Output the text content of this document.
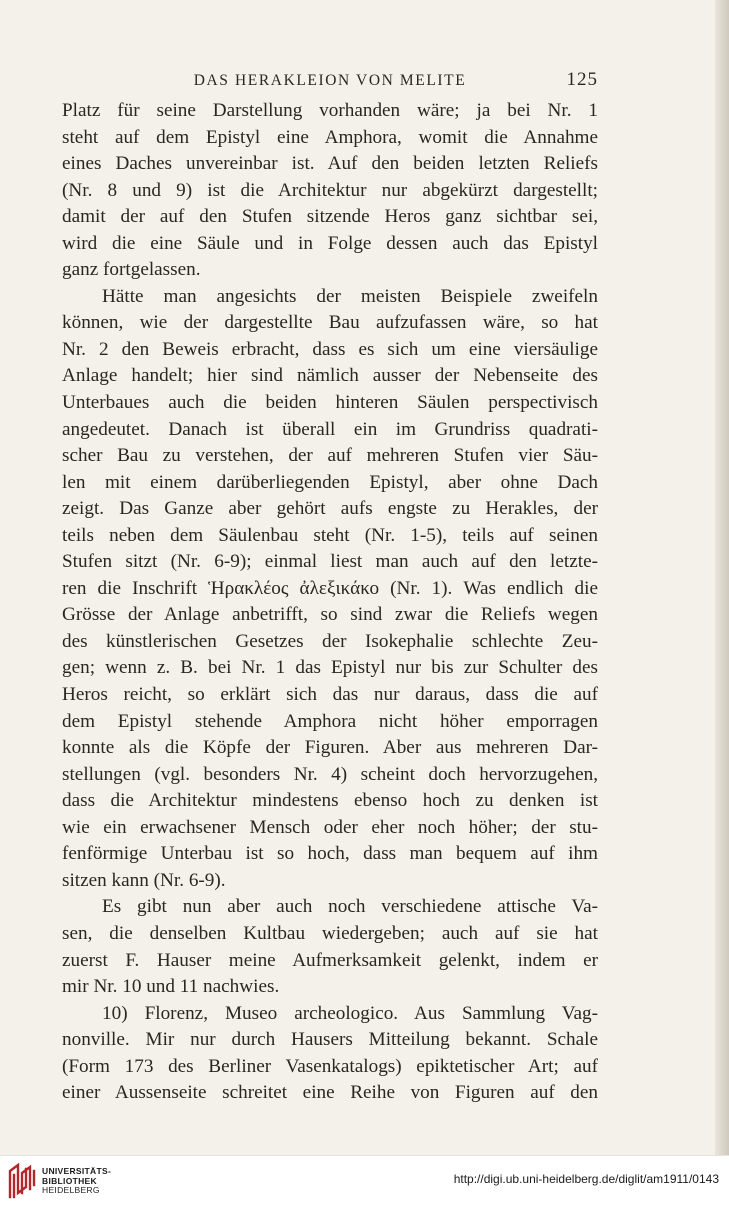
DAS HERAKLEION VON MELITE	125
Platz für seine Darstellung vorhanden wäre; ja bei Nr. 1
steht auf dem Epistyl eine Amphora, womit die Annahme
eines Daches unvereinbar ist. Auf den beiden letzten Reliefs
(Nr. 8 und 9) ist die Architektur nur abgekürzt dargestellt;
damit der auf den Stufen sitzende Heros ganz sichtbar sei,
wird die eine Säule und in Folge dessen auch das Epistyl
ganz fortgelassen.
Hätte man angesichts der meisten Beispiele zweifeln
können, wie der dargestellte Bau aufzufassen wäre, so hat
Nr. 2 den Beweis erbracht, dass es sich um eine viersäulige
Anlage handelt; hier sind nämlich ausser der Nebenseite des
Unterbaues auch die beiden hinteren Säulen perspectivisch
angedeutet. Danach ist überall ein im Grundriss quadrati-
scher Bau zu verstehen, der auf mehreren Stufen vier Säu-
len mit einem darüberliegenden Epistyl, aber ohne Dach
zeigt. Das Ganze aber gehört aufs engste zu Herakles, der
teils neben dem Säulenbau steht (Nr. 1-5), teils auf seinen
Stufen sitzt (Nr. 6-9); einmal liest man auch auf den letzte-
ren die Inschrift Ἡρακλέος ἀλεξικάκο (Nr. 1). Was endlich die
Grösse der Anlage anbetrifft, so sind zwar die Reliefs wegen
des künstlerischen Gesetzes der Isokephalie schlechte Zeu-
gen; wenn z. B. bei Nr. 1 das Epistyl nur bis zur Schulter des
Heros reicht, so erklärt sich das nur daraus, dass die auf
dem Epistyl stehende Amphora nicht höher emporragen
konnte als die Köpfe der Figuren. Aber aus mehreren Dar-
stellungen (vgl. besonders Nr. 4) scheint doch hervorzugehen,
dass die Architektur mindestens ebenso hoch zu denken ist
wie ein erwachsener Mensch oder eher noch höher; der stu-
fenförmige Unterbau ist so hoch, dass man bequem auf ihm
sitzen kann (Nr. 6-9).
Es gibt nun aber auch noch verschiedene attische Va-
sen, die denselben Kultbau wiedergeben; auch auf sie hat
zuerst F. Hauser meine Aufmerksamkeit gelenkt, indem er
mir Nr. 10 und 11 nachwies.
10) Florenz, Museo archeologico. Aus Sammlung Vag-
nonville. Mir nur durch Hausers Mitteilung bekannt. Schale
(Form 173 des Berliner Vasenkatalogs) epiktetischer Art; auf
einer Aussenseite schreitet eine Reihe von Figuren auf den
UNIVERSITÄTS-
BIBLIOTHEK
HEIDELBERG
http://digi.ub.uni-heidelberg.de/diglit/am1911/0143
